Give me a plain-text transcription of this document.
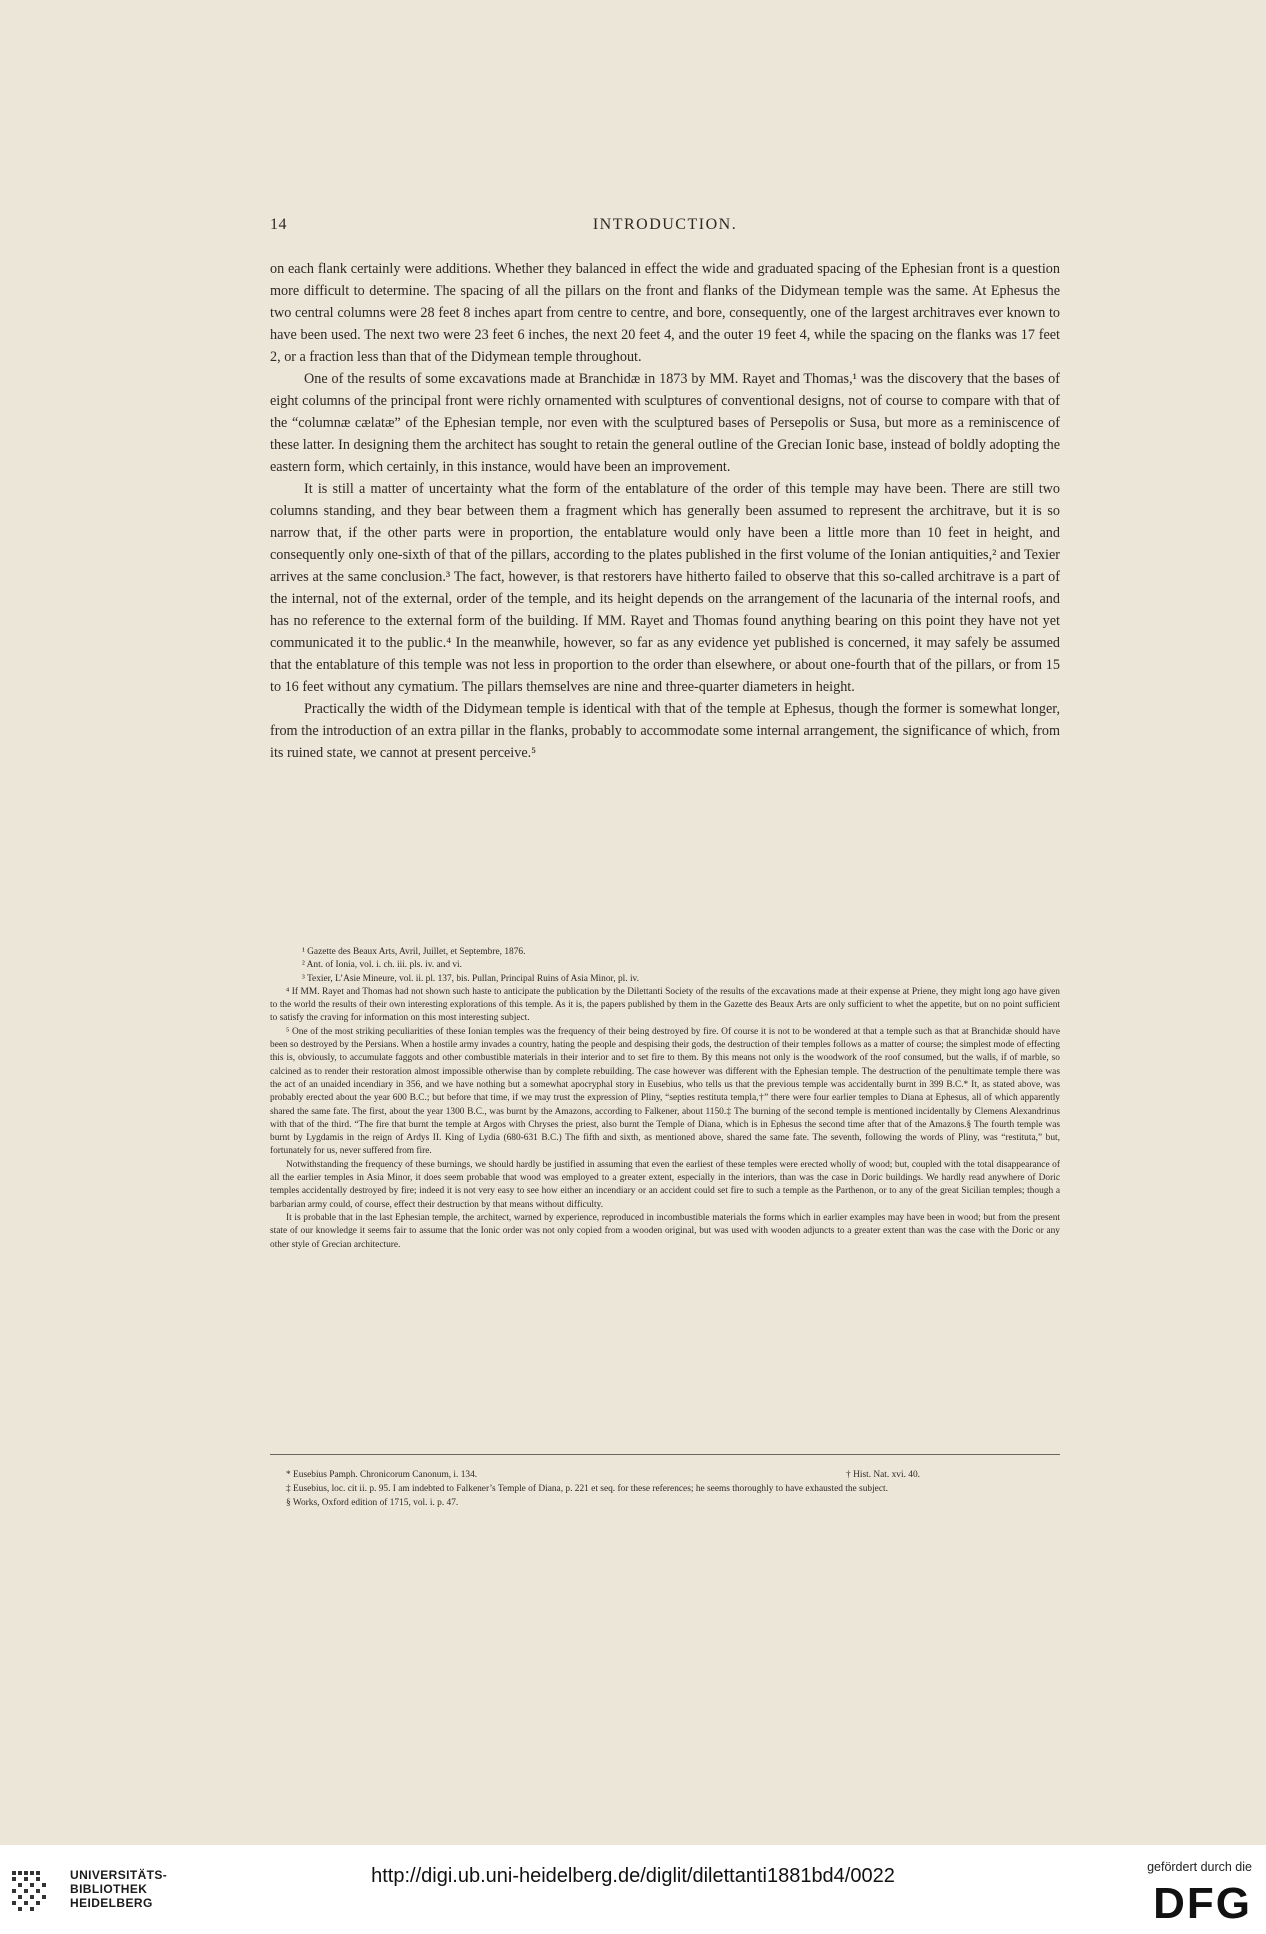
14	INTRODUCTION.

on each flank certainly were additions. Whether they balanced in effect the wide and graduated spacing of the Ephesian front is a question more difficult to determine. The spacing of all the pillars on the front and flanks of the Didymean temple was the same. At Ephesus the two central columns were 28 feet 8 inches apart from centre to centre, and bore, consequently, one of the largest architraves ever known to have been used. The next two were 23 feet 6 inches, the next 20 feet 4, and the outer 19 feet 4, while the spacing on the flanks was 17 feet 2, or a fraction less than that of the Didymean temple throughout.

One of the results of some excavations made at Branchidæ in 1873 by MM. Rayet and Thomas,¹ was the discovery that the bases of eight columns of the principal front were richly ornamented with sculptures of conventional designs, not of course to compare with that of the “columnæ cælatæ” of the Ephesian temple, nor even with the sculptured bases of Persepolis or Susa, but more as a reminiscence of these latter. In designing them the architect has sought to retain the general outline of the Grecian Ionic base, instead of boldly adopting the eastern form, which certainly, in this instance, would have been an improvement.

It is still a matter of uncertainty what the form of the entablature of the order of this temple may have been. There are still two columns standing, and they bear between them a fragment which has generally been assumed to represent the architrave, but it is so narrow that, if the other parts were in proportion, the entablature would only have been a little more than 10 feet in height, and consequently only one-sixth of that of the pillars, according to the plates published in the first volume of the Ionian antiquities,² and Texier arrives at the same conclusion.³ The fact, however, is that restorers have hitherto failed to observe that this so-called architrave is a part of the internal, not of the external, order of the temple, and its height depends on the arrangement of the lacunaria of the internal roofs, and has no reference to the external form of the building. If MM. Rayet and Thomas found anything bearing on this point they have not yet communicated it to the public.⁴ In the meanwhile, however, so far as any evidence yet published is concerned, it may safely be assumed that the entablature of this temple was not less in proportion to the order than elsewhere, or about one-fourth that of the pillars, or from 15 to 16 feet without any cymatium. The pillars themselves are nine and three-quarter diameters in height.

Practically the width of the Didymean temple is identical with that of the temple at Ephesus, though the former is somewhat longer, from the introduction of an extra pillar in the flanks, probably to accommodate some internal arrangement, the significance of which, from its ruined state, we cannot at present perceive.⁵

¹ Gazette des Beaux Arts, Avril, Juillet, et Septembre, 1876.

² Ant. of Ionia, vol. i. ch. iii. pls. iv. and vi.

³ Texier, L’Asie Mineure, vol. ii. pl. 137, bis. Pullan, Principal Ruins of Asia Minor, pl. iv.

⁴ If MM. Rayet and Thomas had not shown such haste to anticipate the publication by the Dilettanti Society of the results of the excavations made at their expense at Priene, they might long ago have given to the world the results of their own interesting explorations of this temple. As it is, the papers published by them in the Gazette des Beaux Arts are only sufficient to whet the appetite, but on no point sufficient to satisfy the craving for information on this most interesting subject.

⁵ One of the most striking peculiarities of these Ionian temples was the frequency of their being destroyed by fire. Of course it is not to be wondered at that a temple such as that at Branchidæ should have been so destroyed by the Persians. When a hostile army invades a country, hating the people and despising their gods, the destruction of their temples follows as a matter of course; the simplest mode of effecting this is, obviously, to accumulate faggots and other combustible materials in their interior and to set fire to them. By this means not only is the woodwork of the roof consumed, but the walls, if of marble, so calcined as to render their restoration almost impossible otherwise than by complete rebuilding. The case however was different with the Ephesian temple. The destruction of the penultimate temple there was the act of an unaided incendiary in 356, and we have nothing but a somewhat apocryphal story in Eusebius, who tells us that the previous temple was accidentally burnt in 399 B.C.* It, as stated above, was probably erected about the year 600 B.C.; but before that time, if we may trust the expression of Pliny, “septies restituta templa,†” there were four earlier temples to Diana at Ephesus, all of which apparently shared the same fate. The first, about the year 1300 B.C., was burnt by the Amazons, according to Falkener, about 1150.‡ The burning of the second temple is mentioned incidentally by Clemens Alexandrinus with that of the third. “The fire that burnt the temple at Argos with Chryses the priest, also burnt the Temple of Diana, which is in Ephesus the second time after that of the Amazons.§ The fourth temple was burnt by Lygdamis in the reign of Ardys II. King of Lydia (680-631 B.C.) The fifth and sixth, as mentioned above, shared the same fate. The seventh, following the words of Pliny, was “restituta,” but, fortunately for us, never suffered from fire.

Notwithstanding the frequency of these burnings, we should hardly be justified in assuming that even the earliest of these temples were erected wholly of wood; but, coupled with the total disappearance of all the earlier temples in Asia Minor, it does seem probable that wood was employed to a greater extent, especially in the interiors, than was the case in Doric buildings. We hardly read anywhere of Doric temples accidentally destroyed by fire; indeed it is not very easy to see how either an incendiary or an accident could set fire to such a temple as the Parthenon, or to any of the great Sicilian temples; though a barbarian army could, of course, effect their destruction by that means without difficulty.

It is probable that in the last Ephesian temple, the architect, warned by experience, reproduced in incombustible materials the forms which in earlier examples may have been in wood; but from the present state of our knowledge it seems fair to assume that the Ionic order was not only copied from a wooden original, but was used with wooden adjuncts to a greater extent than was the case with the Doric or any other style of Grecian architecture.

* Eusebius Pamph. Chronicorum Canonum, i. 134.	† Hist. Nat. xvi. 40.

‡ Eusebius, loc. cit ii. p. 95. I am indebted to Falkener’s Temple of Diana, p. 221 et seq. for these references; he seems thoroughly to have exhausted the subject.

§ Works, Oxford edition of 1715, vol. i. p. 47.

UNIVERSITÄTS-
BIBLIOTHEK
HEIDELBERG
http://digi.ub.uni-heidelberg.de/diglit/dilettanti1881bd4/0022	gefördert durch die
DFG
